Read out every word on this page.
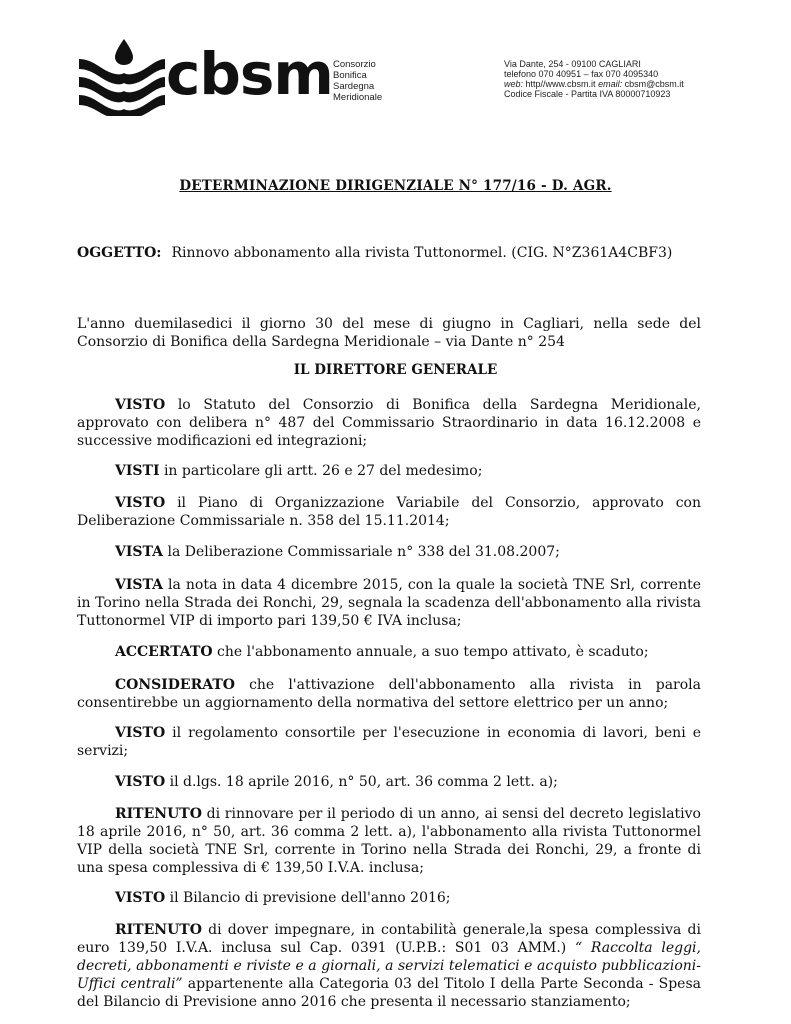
cbsm Consorzio
Bonifica
Sardegna
Meridionale
Via Dante, 254 - 09100 CAGLIARI
telefono 070 40951 – fax 070 4095340
web: http//www.cbsm.it email: cbsm@cbsm.it
Codice Fiscale - Partita IVA 80000710923
DETERMINAZIONE DIRIGENZIALE N° 177/16 - D. AGR.
OGGETTO: Rinnovo abbonamento alla rivista Tuttonormel. (CIG. N°Z361A4CBF3)
L'anno duemilasedici il giorno 30 del mese di giugno in Cagliari, nella sede del Consorzio di Bonifica della Sardegna Meridionale – via Dante n° 254
IL DIRETTORE GENERALE
VISTO lo Statuto del Consorzio di Bonifica della Sardegna Meridionale, approvato con delibera n° 487 del Commissario Straordinario in data 16.12.2008 e successive modificazioni ed integrazioni;
VISTI in particolare gli artt. 26 e 27 del medesimo;
VISTO il Piano di Organizzazione Variabile del Consorzio, approvato con Deliberazione Commissariale n. 358 del 15.11.2014;
VISTA la Deliberazione Commissariale n° 338 del 31.08.2007;
VISTA la nota in data 4 dicembre 2015, con la quale la società TNE Srl, corrente in Torino nella Strada dei Ronchi, 29, segnala la scadenza dell'abbonamento alla rivista Tuttonormel VIP di importo pari 139,50 € IVA inclusa;
ACCERTATO che l'abbonamento annuale, a suo tempo attivato, è scaduto;
CONSIDERATO che l'attivazione dell'abbonamento alla rivista in parola consentirebbe un aggiornamento della normativa del settore elettrico per un anno;
VISTO il regolamento consortile per l'esecuzione in economia di lavori, beni e servizi;
VISTO il d.lgs. 18 aprile 2016, n° 50, art. 36 comma 2 lett. a);
RITENUTO di rinnovare per il periodo di un anno, ai sensi del decreto legislativo 18 aprile 2016, n° 50, art. 36 comma 2 lett. a), l'abbonamento alla rivista Tuttonormel VIP della società TNE Srl, corrente in Torino nella Strada dei Ronchi, 29, a fronte di una spesa complessiva di € 139,50 I.V.A. inclusa;
VISTO il Bilancio di previsione dell'anno 2016;
RITENUTO di dover impegnare, in contabilità generale,la spesa complessiva di euro 139,50 I.V.A. inclusa sul Cap. 0391 (U.P.B.: S01 03 AMM.) “ Raccolta leggi, decreti, abbonamenti e riviste e a giornali, a servizi telematici e acquisto pubblicazioni-Uffici centrali” appartenente alla Categoria 03 del Titolo I della Parte Seconda - Spesa del Bilancio di Previsione anno 2016 che presenta il necessario stanziamento;
